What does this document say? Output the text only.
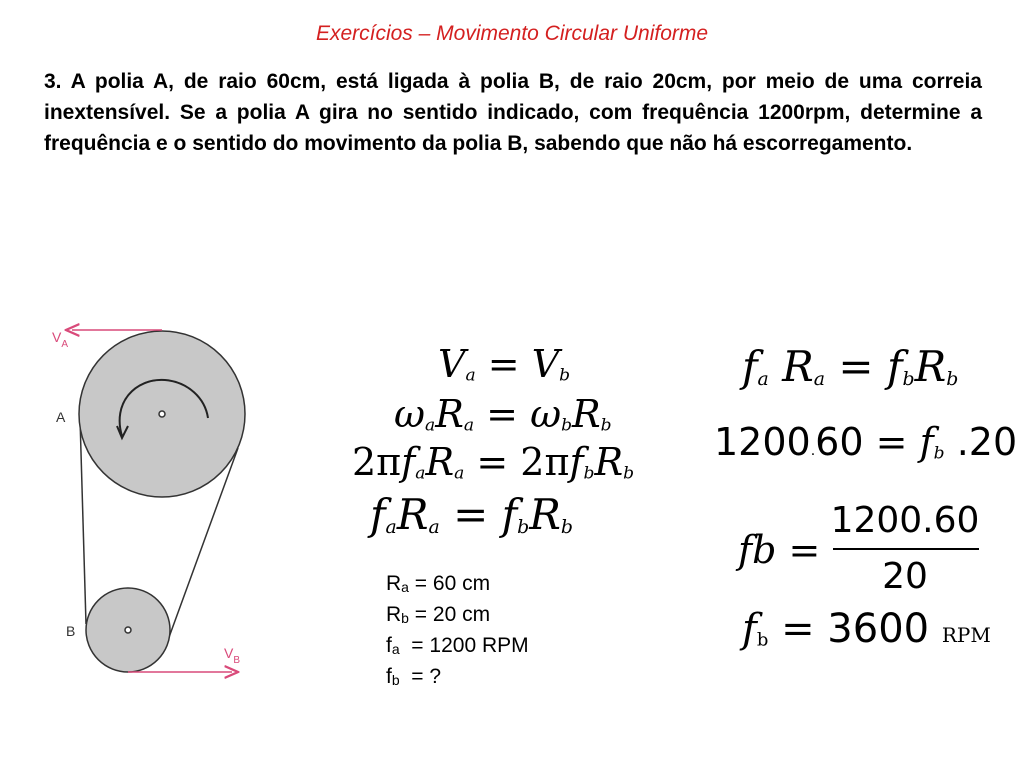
Exercícios – Movimento Circular Uniforme
3. A polia A, de raio 60cm, está ligada à polia B, de raio 20cm, por meio de uma correia inextensível. Se a polia A gira no sentido indicado, com frequência 1200rpm, determine a frequência e o sentido do movimento da polia B, sabendo que não há escorregamento.
$V_A$
A
B
$V_B$
$V_a = V_b$
$\omega_aR_a = \omega_bR_b$
$2\pi f_aR_a = 2\pi f_bR_b$
$f_aR_a = f_bR_b$
$R_a = 60$ cm
$R_b = 20$ cm
$f_a = 1200$ RPM
$f_b$  = ?
$f_a$ $R_a = f_bR_b$
$1200.60 = f_b$ .20
fb =
1200.60
20
$f_b = 3600$ RPM
